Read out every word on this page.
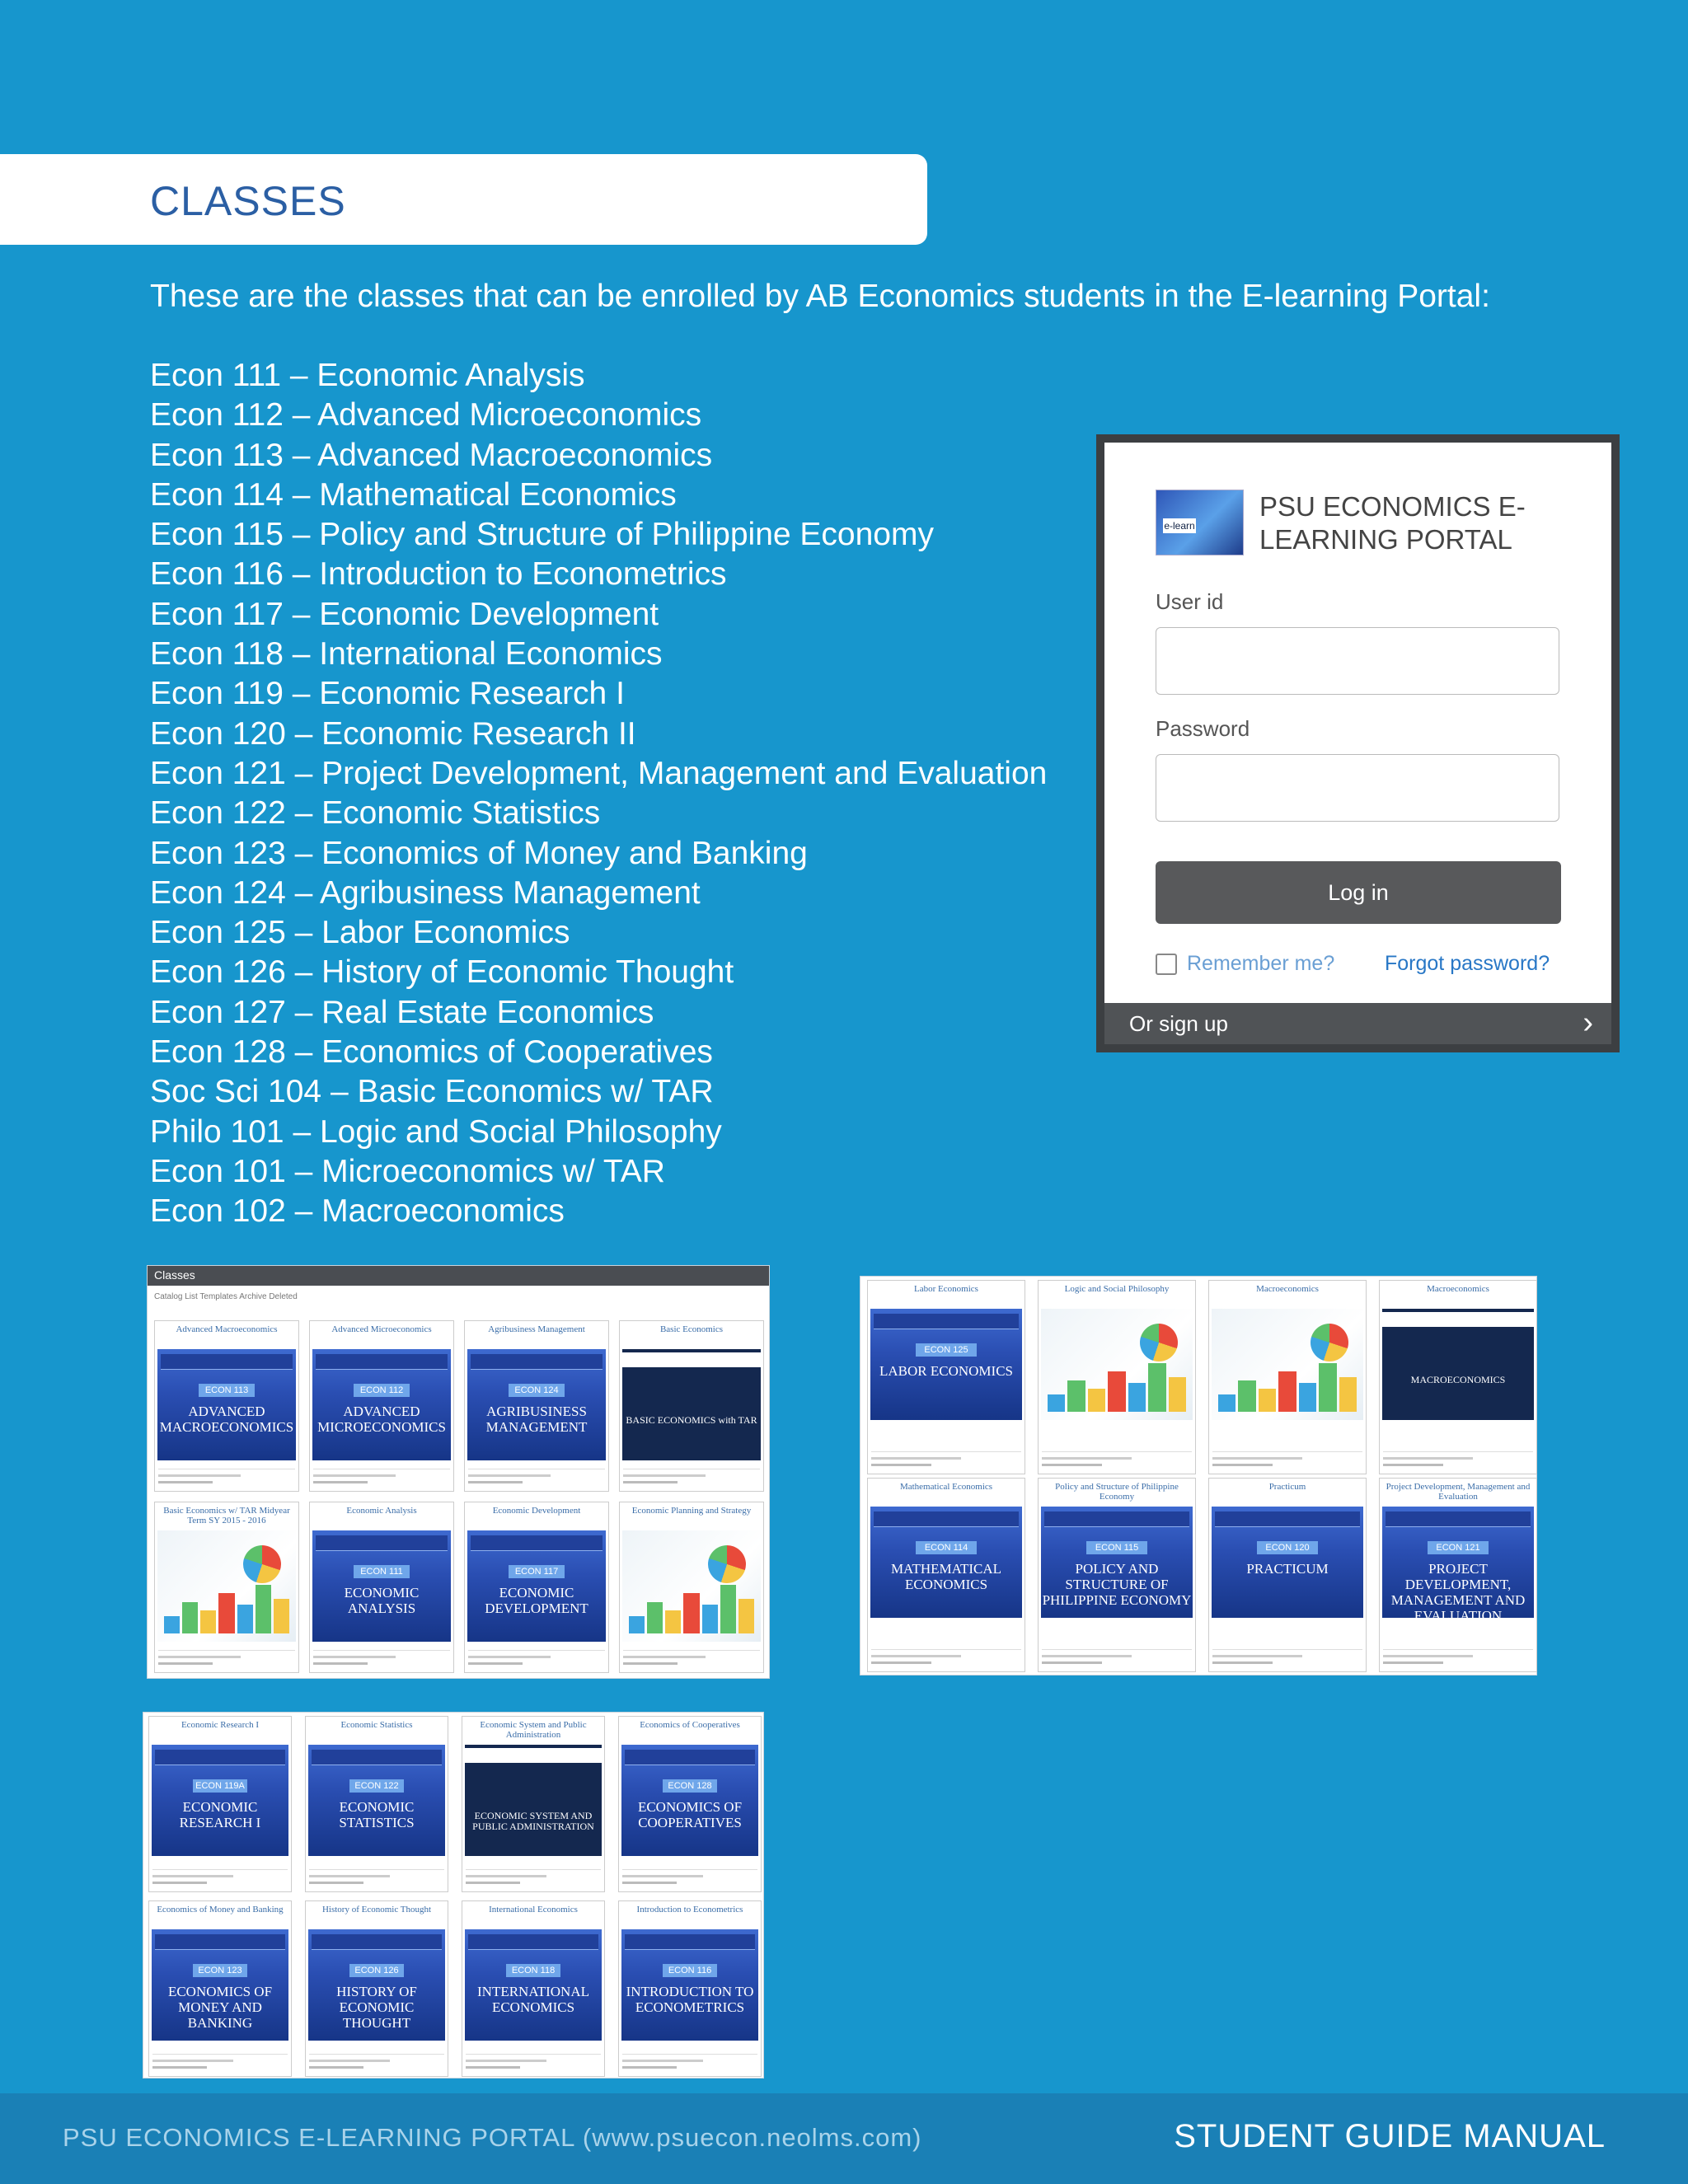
CLASSES
These are the classes that can be enrolled by AB Economics students in the E-learning Portal:
Econ 111 – Economic Analysis
Econ 112 – Advanced Microeconomics
Econ 113 – Advanced Macroeconomics
Econ 114 – Mathematical Economics
Econ 115 – Policy and Structure of Philippine Economy
Econ 116 – Introduction to Econometrics
Econ 117 – Economic Development
Econ 118 – International Economics
Econ 119 – Economic Research I
Econ 120 – Economic Research II
Econ 121 – Project Development, Management and Evaluation
Econ 122 – Economic Statistics
Econ 123 – Economics of Money and Banking
Econ 124 – Agribusiness Management
Econ 125 – Labor Economics
Econ 126 – History of Economic Thought
Econ 127 – Real Estate Economics
Econ 128 – Economics of Cooperatives
Soc Sci 104 – Basic Economics w/ TAR
Philo 101 – Logic and Social Philosophy
Econ 101 – Microeconomics w/ TAR
Econ 102 – Macroeconomics
e-learn
PSU ECONOMICS E-LEARNING PORTAL
User id
Password
Log in
Remember me? Forgot password?
Or sign up	›
Classes
Catalog List Templates Archive Deleted
Advanced Macroeconomics
ECON 113
ADVANCED MACROECONOMICS
Advanced Microeconomics
ECON 112
ADVANCED MICROECONOMICS
Agribusiness Management
ECON 124
AGRIBUSINESS MANAGEMENT
Basic Economics
BASIC ECONOMICS with TAR
Basic Economics w/ TAR Midyear Term SY 2015 - 2016
Economic Analysis
ECON 111
ECONOMIC ANALYSIS
Economic Development
ECON 117
ECONOMIC DEVELOPMENT
Economic Planning and Strategy
Labor Economics
ECON 125
LABOR ECONOMICS
Logic and Social Philosophy	Macroeconomics	Macroeconomics
MACROECONOMICS
Mathematical Economics
ECON 114
MATHEMATICAL ECONOMICS
Policy and Structure of Philippine Economy
ECON 115
POLICY AND STRUCTURE OF PHILIPPINE ECONOMY
Practicum
ECON 120
PRACTICUM
Project Development, Management and Evaluation
ECON 121
PROJECT DEVELOPMENT, MANAGEMENT AND EVALUATION
Economic Research I
ECON 119A
ECONOMIC RESEARCH I
Economic Statistics
ECON 122
ECONOMIC STATISTICS
Economic System and Public Administration
ECONOMIC SYSTEM AND PUBLIC ADMINISTRATION
Economics of Cooperatives
ECON 128
ECONOMICS OF COOPERATIVES
Economics of Money and Banking
ECON 123
ECONOMICS OF MONEY AND BANKING
History of Economic Thought
ECON 126
HISTORY OF ECONOMIC THOUGHT
International Economics
ECON 118
INTERNATIONAL ECONOMICS
Introduction to Econometrics
ECON 116
INTRODUCTION TO ECONOMETRICS
PSU ECONOMICS E-LEARNING PORTAL (www.psuecon.neolms.com)	STUDENT GUIDE MANUAL
